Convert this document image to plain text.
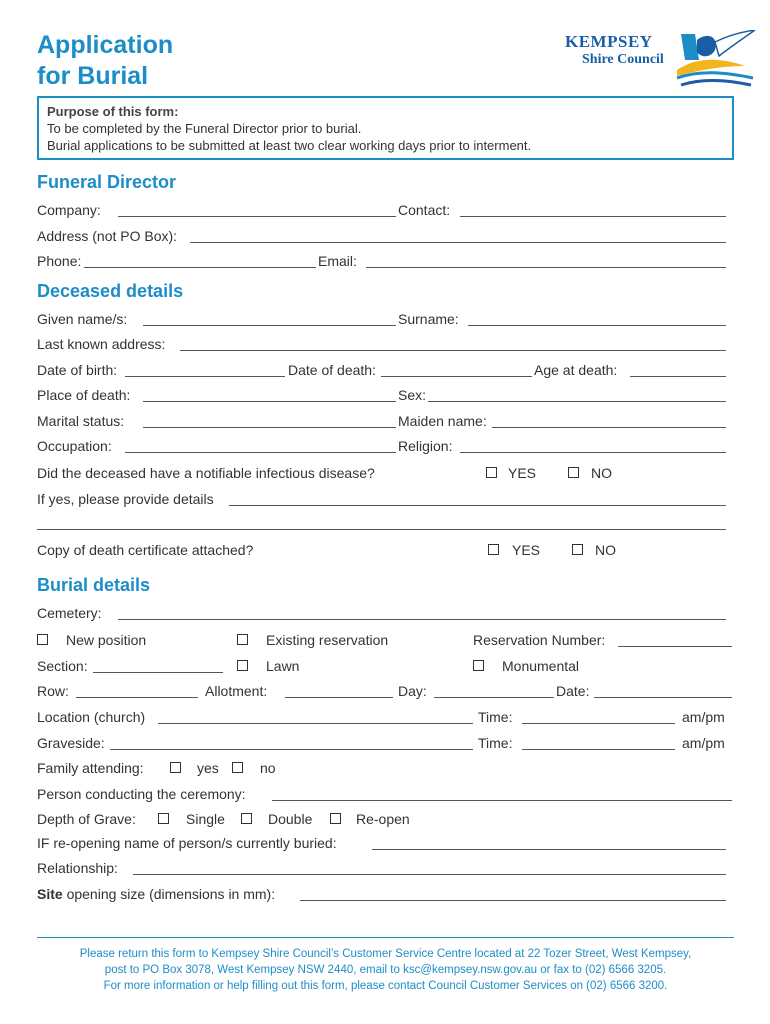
Application
for Burial
KEMPSEY
Shire Council
Purpose of this form:
To be completed by the Funeral Director prior to burial.
Burial applications to be submitted at least two clear working days prior to interment.
Funeral Director
Company:	Contact:
Address (not PO Box):
Phone:	Email:
Deceased details
Given name/s:	Surname:
Last known address:
Date of birth:	Date of death:	Age at death:
Place of death:	Sex:
Marital status:	Maiden name:
Occupation:	Religion:
Did the deceased have a notifiable infectious disease?	YES	NO
If yes, please provide details
Copy of death certificate attached?	YES	NO
Burial details
Cemetery:
New position	Existing reservation	Reservation Number:
Section:	Lawn	Monumental
Row:	Allotment:	Day:	Date:
Location (church)	Time:	am/pm
Graveside:	Time:	am/pm
Family attending:	yes	no
Person conducting the ceremony:
Depth of Grave:	Single	Double	Re-open
IF re-opening name of person/s currently buried:
Relationship:
Site opening size (dimensions in mm):
Please return this form to Kempsey Shire Council’s Customer Service Centre located at 22 Tozer Street, West Kempsey,
post to PO Box 3078, West Kempsey NSW 2440, email to ksc@kempsey.nsw.gov.au or fax to (02) 6566 3205.
For more information or help filling out this form, please contact Council Customer Services on (02) 6566 3200.
